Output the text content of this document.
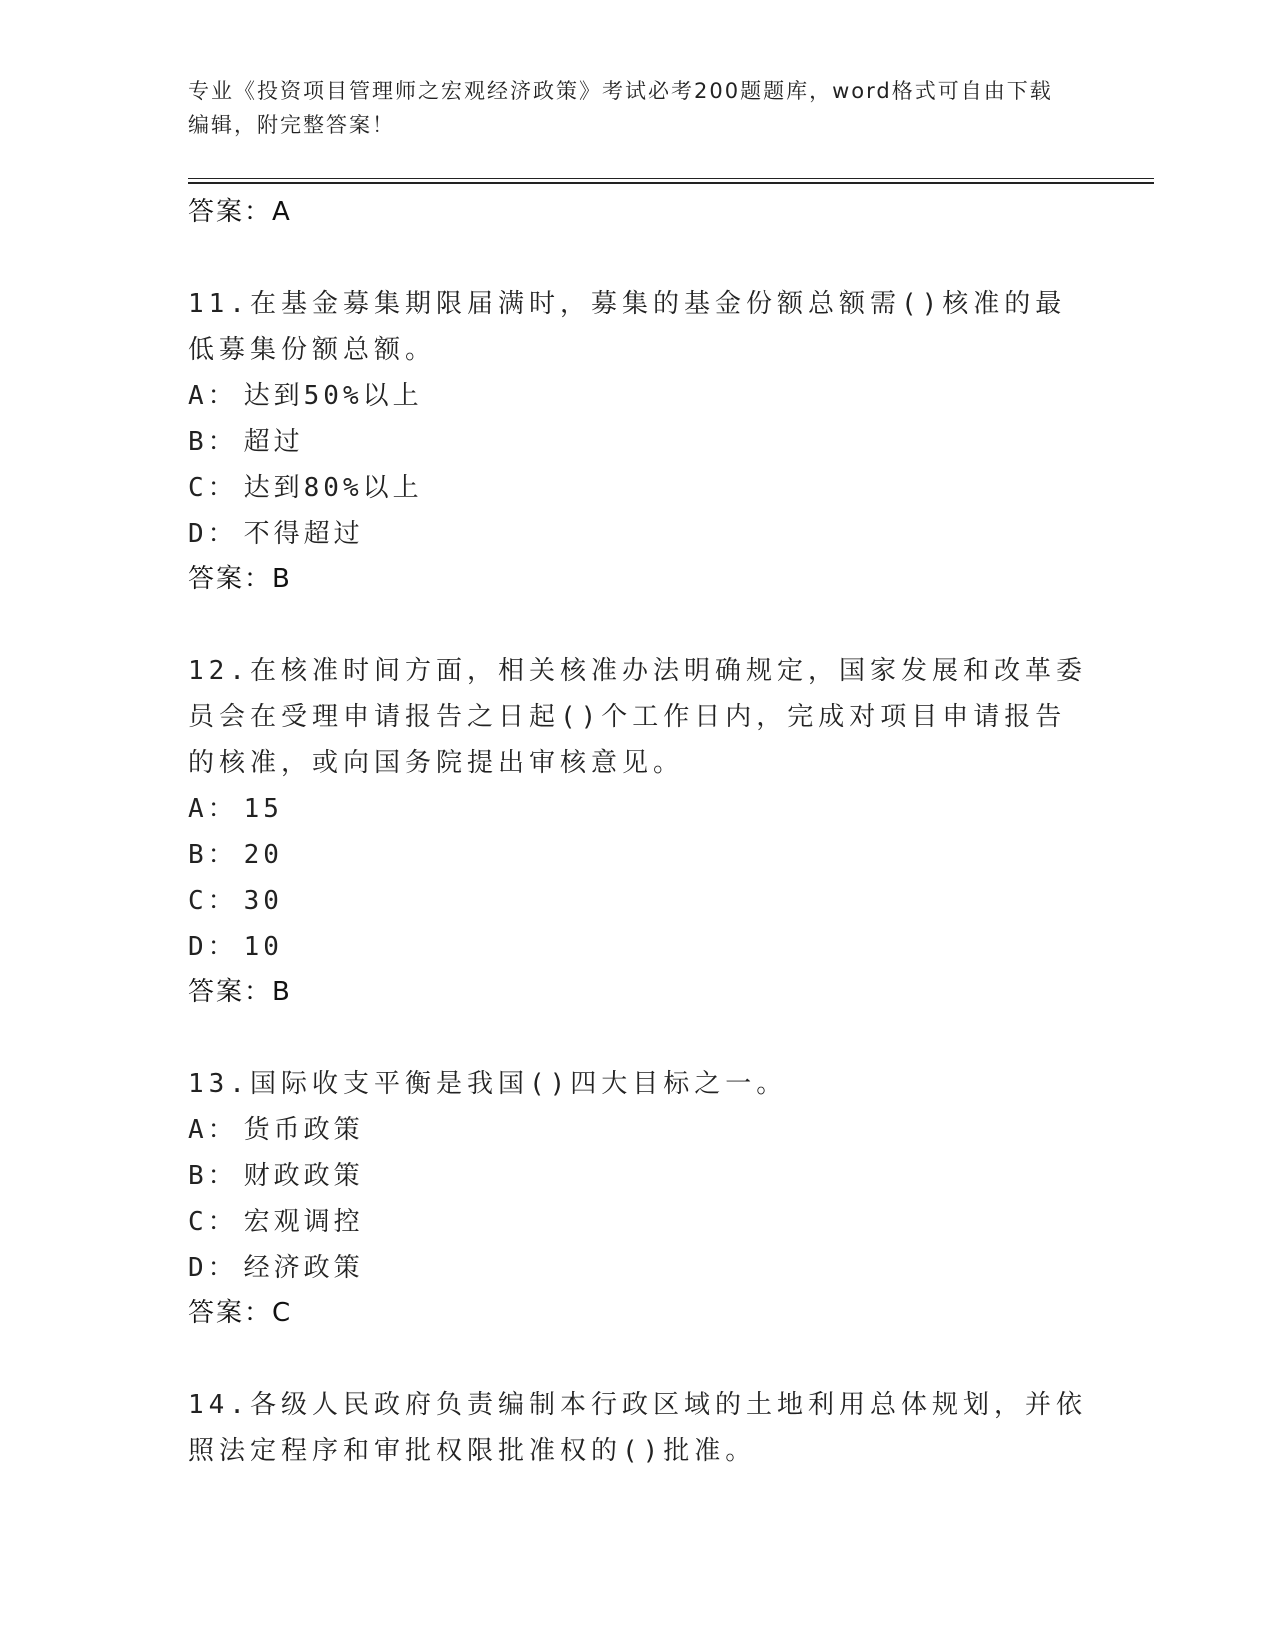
专业《投资项目管理师之宏观经济政策》考试必考200题题库，word格式可自由下载编辑，附完整答案！
答案：A
11.在基金募集期限届满时，募集的基金份额总额需()核准的最低募集份额总额。
A： 达到50%以上
B： 超过
C： 达到80%以上
D： 不得超过
答案：B
12.在核准时间方面，相关核准办法明确规定，国家发展和改革委员会在受理申请报告之日起()个工作日内，完成对项目申请报告的核准，或向国务院提出审核意见。
A： 15
B： 20
C： 30
D： 10
答案：B
13.国际收支平衡是我国()四大目标之一。
A： 货币政策
B： 财政政策
C： 宏观调控
D： 经济政策
答案：C
14.各级人民政府负责编制本行政区域的土地利用总体规划，并依照法定程序和审批权限批准权的()批准。
